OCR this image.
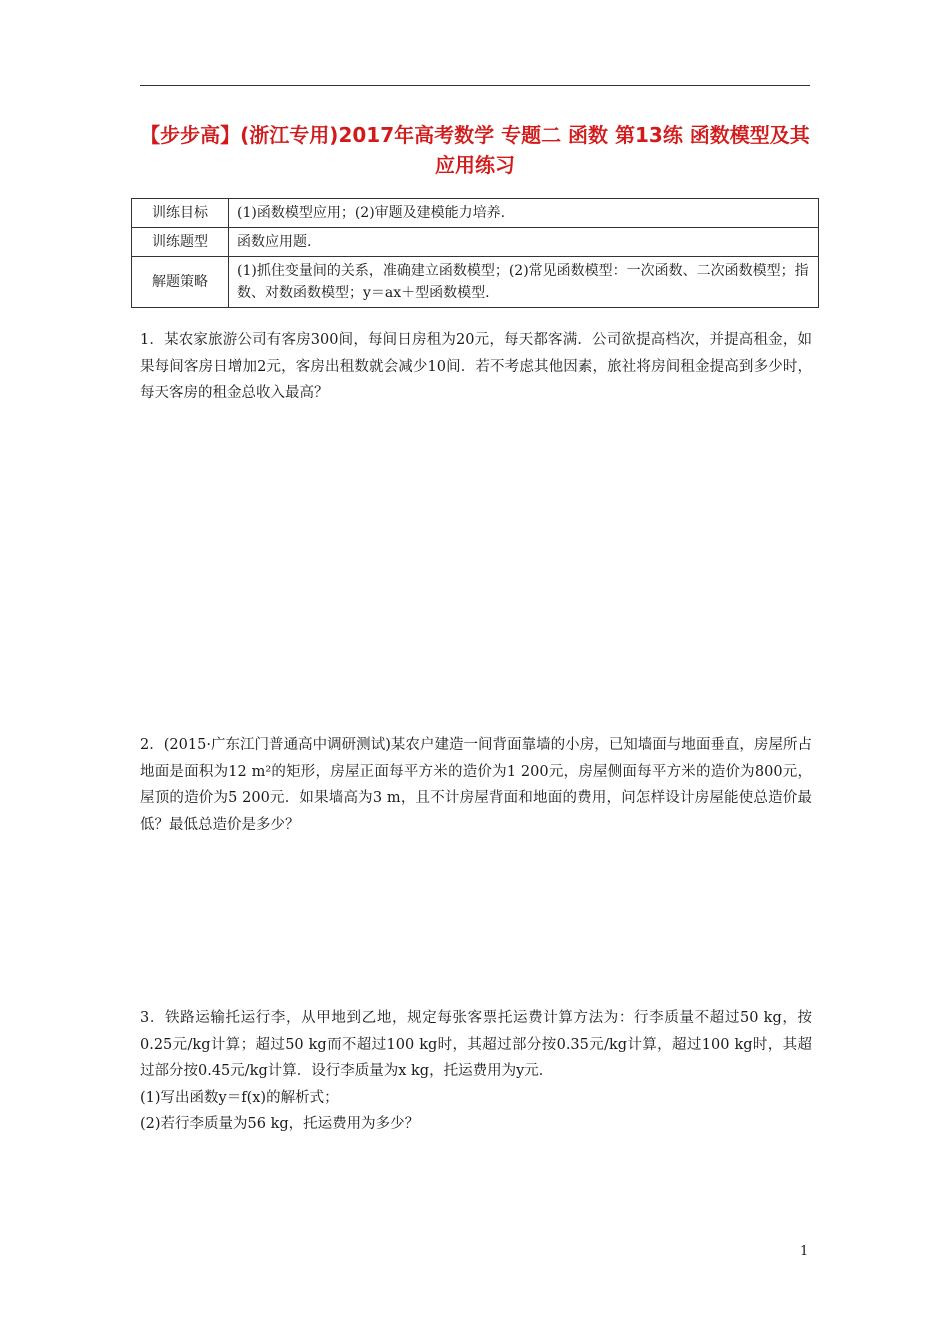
【步步高】(浙江专用)2017年高考数学 专题二 函数 第13练 函数模型及其应用练习
训练目标	(1)函数模型应用；(2)审题及建模能力培养.
训练题型	函数应用题.
解题策略	(1)抓住变量间的关系，准确建立函数模型；(2)常见函数模型：一次函数、二次函数模型；指数、对数函数模型；y＝ax＋型函数模型.

1．某农家旅游公司有客房300间，每间日房租为20元，每天都客满．公司欲提高档次，并提高租金，如果每间客房日增加2元，客房出租数就会减少10间．若不考虑其他因素，旅社将房间租金提高到多少时，每天客房的租金总收入最高？

2．(2015·广东江门普通高中调研测试)某农户建造一间背面靠墙的小房，已知墙面与地面垂直，房屋所占地面是面积为12 m²的矩形，房屋正面每平方米的造价为1 200元，房屋侧面每平方米的造价为800元，屋顶的造价为5 200元．如果墙高为3 m，且不计房屋背面和地面的费用，问怎样设计房屋能使总造价最低？最低总造价是多少？

3．铁路运输托运行李，从甲地到乙地，规定每张客票托运费计算方法为：行李质量不超过50 kg，按0.25元/kg计算；超过50 kg而不超过100 kg时，其超过部分按0.35元/kg计算，超过100 kg时，其超过部分按0.45元/kg计算．设行李质量为x kg，托运费用为y元．

(1)写出函数y＝f(x)的解析式；

(2)若行李质量为56 kg，托运费用为多少？

1
